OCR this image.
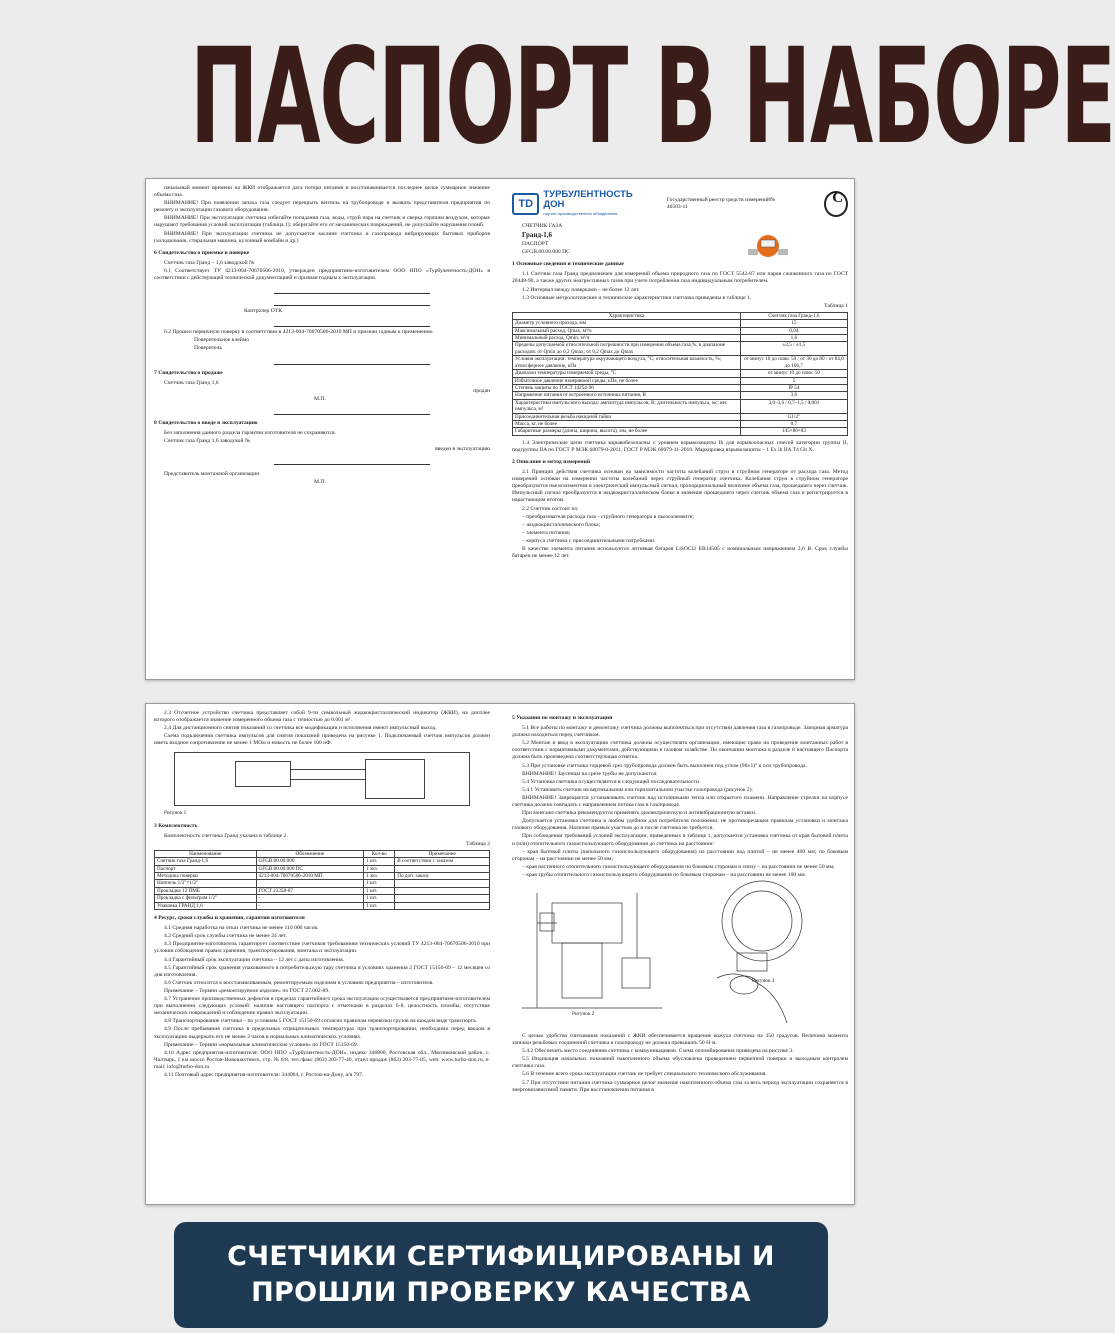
ПАСПОРТ В НАБОРЕ

начальный момент времени на ЖКИ отображается дата потери питания и восстанавливается последнее целое суммарное значение объема газа.

ВНИМАНИЕ! При появлении запаха газа следует перекрыть вентиль на трубопроводе и вызвать представителя предприятия по ремонту и эксплуатации газового оборудования.

ВНИМАНИЕ! При эксплуатации счетчика избегайте попадания газа, воды, струй пара на счетчик и сверка горячим воздухом, которые нарушают требования условий эксплуатации (таблица 1); оберегайте его от механических повреждений, не допускайте нарушения пломб.

ВНИМАНИЕ! При эксплуатации счетчика не допускается касание счетчика и газопровода вибрирующих бытовых приборов (холодильник, стиральная машина, кухонный комбайн и др.)

6 Свидетельство о приемке и поверке

Счетчик газа Гранд – 1,6 заводской №

6.1 Соответствует ТУ 4213-004-70670506-2010, утвержден предприятием-изготовителем ООО НПО «Турбулентность-ДОН» в соответствии с действующей технической документацией и признан годным к эксплуатации.

Контролер ОТК

6.2 Прошел первичную поверку в соответствии в 4213-004-70670506-2010 МП и признан годным к применению.

Поверительное клеймо

Поверитель

7 Свидетельство о продаже

Счетчик газа Гранд 1,6

продан

М.П.

8 Свидетельство о вводе в эксплуатацию

Без заполнения данного раздела гарантии изготовителя не сохраняются.

Счетчик газа Гранд 1,6 заводской №

введен в эксплуатацию

Представитель монтажной организации

М.П.

TD
ТУРБУЛЕНТНОСТЬ ДОН
научно-производственное объединение
Государственный реестр средств измерений№ 46503-11
С

СЧЕТЧИК ГАЗА

Гранд-1,6

ПАСПОРТ

GFGB.00.00.000 ПС

1 Основные сведения и технические данные

1.1 Счетчик газа Гранд предназначен для измерений объема природного газа по ГОСТ 5542-87 или паров сжиженного газа по ГОСТ 20448-90, а также других неагрессивных газов при учете потребления газа индивидуальным потребителем.

1.2 Интервал между поверками – не более 12 лет.

1.3 Основные метрологические и технические характеристики счетчика приведены в таблице 1.

Таблица 1

Характеристика	Счетчик газа Гранд-1,6
Диаметр условного прохода, мм	15
Максимальный расход, Qmax, м³/ч	0,04
Минимальный расход, Qmin, м³/ч	1,6
Пределы допускаемой относительной погрешности при измерении объема газа,%, в диапазоне расходов: от Qmin до 0,2 Qmax; от 0,2 Qmax до Qmax	±2,5 / ±1,5
Условия эксплуатации: температура окружающего воздуха, °С; относительная влажность, %; атмосферное давление, кПа	от минус 10 до плюс 50 / от 30 до 80 / от 84,0 до 106,7
Диапазон температуры измеряемой среды, °С	от минус 10 до плюс 50
Избыточное давление измеряемой среды, кПа, не более	5
Степень защиты по ГОСТ 14254-96	IP 54
Напряжение питания от встроенного источника питания, В	3,6
Характеристики импульсного выхода: амплитуда импульсов, В; длительность импульса, мс; вес импульса, м³	3,0–3,6 / 0,7–1,5 / 0,001
Присоединительная резьба накидной гайки	G1/2"
Масса, кг, не более	0,7
Габаритные размеры (длина, ширина, высота), мм, не более	145×86×83

1.4 Электрические цепи счетчика взрывобезопасны с уровнем взрывозащиты Ib для взрывоопасных смесей категории группы II, подгруппы IIA по ГОСТ Р МЭК 60079-0-2011, ГОСТ Р МЭК 60079-11-2010. Маркировка взрывозащиты – 1 Ex ib IIA T4 Gb X.

2 Описание и метод измерений

2.1 Принцип действия счетчика основан на зависимости частоты колебаний струи в струйном генераторе от расхода газа. Метод измерений основан на измерении частоты колебаний через струйный генератор счетчика. Колебания струи в струйном генераторе преобразуются пьезоэлементом в электрический импульсный сигнал, пропорциональный величине объема газа, прошедшего через счетчик. Импульсный сигнал преобразуется в жидкокристаллическом блоке в значение прошедшего через счетчик объема газа и регистрируется в нарастающим итогом.

2.2 Счетчик состоит из:

– преобразователя расхода газа - струйного генератора в пьезоэлементе;

– жидкокристаллического блока;

– элемента питания;

– корпуса счетчика с присоединительными патрубками.

В качестве элемента питания используется литиевая батарея LiSOCl2 ER14505 с номинальным напряжением 3,6 В. Срок службы батареи не менее 12 лет.

2.3 Отсчетное устройство счетчика представляет собой 9-ти символьный жидкокристаллический индикатор (ЖКИ), на дисплее которого отображается значение измеренного объема газа с точностью до 0,001 м³.

2.4 Для дистанционного снятия показаний со счетчика все модификации и исполнения имеют импульсный выход.

Схема подключения счетчика импульсов для снятия показаний приведена на рисунке 1. Подключаемый счетчик импульсов должен иметь входное сопротивление не менее 1 МОм и емкость не более 100 пФ.

Рисунок 1

3 Комплектность

Комплектность счетчика Гранд указана в таблице 2.

Таблица 2

Наименование	Обозначение	Кол-во	Примечание
Счетчик газа Гранд-1,6	GFGB.00.00.000	1 шт.	В соответствии с заказом
Паспорт	GFGB.00.00.000 ПС	1 экз.	
Методика поверки	4213-004-70670506-2010 МП	1 экз.	По доп. заказу
Ниппель 1/2"×1/2"		1 шт.	
Прокладка 12 ПМБ	ГОСТ 23358-87	1 шт.	
Прокладка с фильтром 1/2"	-	1 шт.	
Упаковка ГРАНД 1,6	-	1 шт.	

4 Ресурс, сроки службы и хранения, гарантии изготовителя

4.1 Средняя наработка на отказ счетчика не менее 110 000 часов.

4.2 Средний срок службы счетчика не менее 24 лет.

4.3 Предприятие-изготовитель гарантирует соответствие счетчиков требованиям технических условий ТУ 4213-004-70670506-2010 при условии соблюдения правил хранения, транспортирования, монтажа и эксплуатации.

4.4 Гарантийный срок эксплуатации счетчика – 12 лет с даты изготовления.

4.5 Гарантийный срок хранения упакованного в потребительскую тару счетчика в условиях хранения 2 ГОСТ 15150-69 – 12 месяцев со дня изготовления.

4.6 Счетчик относится к восстанавливаемым, ремонтируемым изделиям в условиях предприятия – изготовителя.

Примечание – Термин «ремонтируемое изделие» по ГОСТ 27.002-89.

4.7 Устранение производственных дефектов в пределах гарантийного срока эксплуатации осуществляется предприятием-изготовителем при выполнении следующих условий: наличие настоящего паспорта с отметками в разделах 6-8, целостность пломбы, отсутствие механических повреждений и соблюдение правил эксплуатации.

4.8 Транспортирование счетчика – по условиям 5 ГОСТ 15150-69 согласно правилам перевозки грузов на каждом виде транспорта.

4.9 После пребывания счетчика в предельных отрицательных температурах при транспортировании, необходимо перед вводом в эксплуатацию выдержать его не менее 3 часов в нормальных климатических условиях.

Примечание – Термин «нормальные климатические условия» по ГОСТ 15150-69.

4.10 Адрес предприятия-изготовителя: ООО НПО «Турбулентность-ДОН», индекс 346800, Ростовская обл., Мясниковский район, с. Чалтырь, 1 км шоссе Ростов-Новошахтинск, стр. № 6/8, тел./факс (863) 203-77-40, отдел продаж (863) 203-77-85, web: www.turbo-don.ru, e-mail: info@turbo-don.ru

4.11 Почтовый адрес предприятия-изготовителя: 344064, г. Ростов-на-Дону, а/я 797.

5 Указания по монтажу и эксплуатации

5.1 Все работы по монтажу и демонтажу счетчика должны выполняться при отсутствии давления газа в газопроводе. Запорная арматура должна находиться перед счетчиком.

5.2 Монтаж и ввод в эксплуатацию счетчика должны осуществлять организации, имеющие право на проведение монтажных работ в соответствии с нормативными документами, действующими в газовом хозяйстве. По окончании монтажа в разделе 8 настоящего Паспорта должна быть произведена соответствующая отметка.

5.3 При установке счетчика торцевой срез трубопровода должен быть выполнен под углом (90±1)° к оси трубопровода.

ВНИМАНИЕ! Заусенцы на срезе трубы не допускаются.

5.4 Установка счетчика осуществляется в следующей последовательности.

5.4.1 Установить счетчик на вертикальном или горизонтальном участке газопровода (рисунок 2).

ВНИМАНИЕ! Запрещается устанавливать счетчик над источниками тепла или открытого пламени. Направление стрелки на корпусе счетчика должно совпадать с направлением потока газа в газопроводе.

При монтаже счетчика рекомендуется применять диэлектрическую и антивибрационную вставки.

Допускается установка счетчика в любом удобном для потребителя положении, не противоречащем правилам установки и монтажа газового оборудования. Наличие прямых участков до и после счетчика не требуется.

При соблюдении требований условий эксплуатации, приведенных в таблице 1, допускается установка счетчика от края бытовой плиты и (или) отопительного газоиспользующего оборудования до счетчика на расстоянии:

– края бытовой плиты (напольного газоиспользующего оборудования) на расстоянии над плитой – не менее 400 мм; по боковым сторонам – на расстоянии не менее 50 мм;

– края настенного отопительного газоиспользующего оборудования по боковым сторонам и снизу – на расстоянии не менее 50 мм;

– края трубы отопительного газоиспользующего оборудования по боковым сторонам – на расстоянии не менее 100 мм.

Рисунок 2

Рисунок 3

С целью удобства считывания показаний с ЖКИ обеспечивается вращение кожуха счетчика на 350 градусов. Величина момента затяжки резьбовых соединений счетчика к газопроводу не должна превышать 50 Н·м.

5.4.2 Обеспечить место соединения счетчика с коммуникациями. Схема опломбирования приведена на рисунке 3.

5.5 Индикация начальных показаний накопленного объема обусловлена проведением первичной поверки и выходным контролем счетчика газа.

5.6 В течение всего срока эксплуатации счетчик не требует специального технического обслуживания.

5.7 При отсутствии питания счетчика суммарное целое значение накопленного объема газа за весь период эксплуатации сохраняется в энергонезависимой памяти. При восстановлении питания в

СЧЕТЧИКИ СЕРТИФИЦИРОВАНЫ И
ПРОШЛИ ПРОВЕРКУ КАЧЕСТВА
